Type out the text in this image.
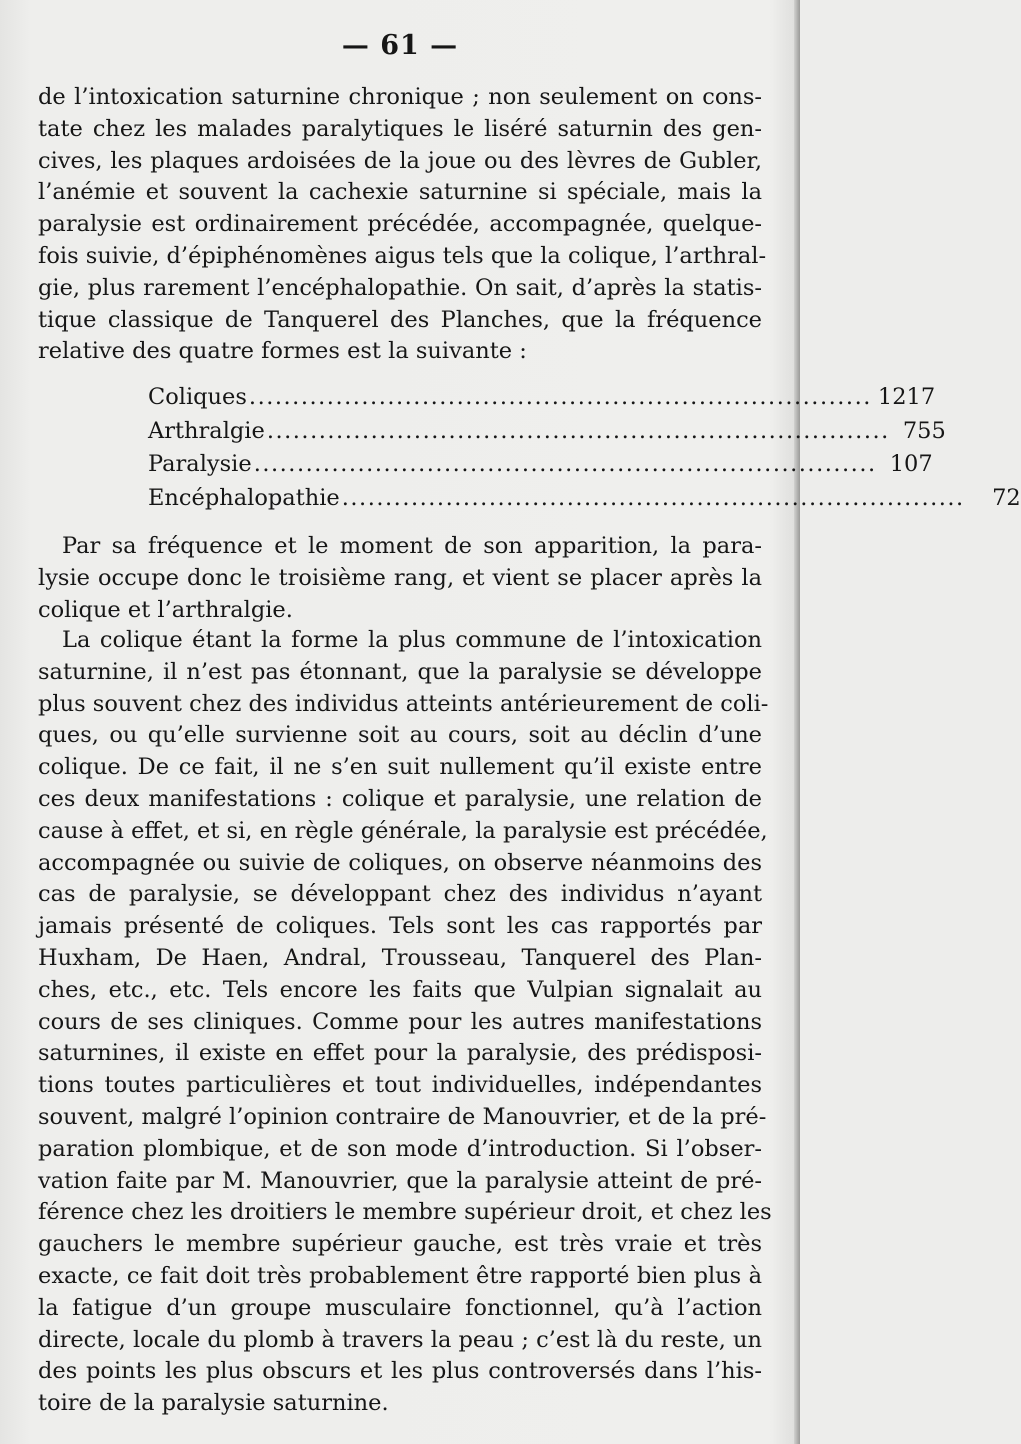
— 61 —
de l’intoxication saturnine chronique ; non seulement on cons-
tate chez les malades paralytiques le liséré saturnin des gen-
cives, les plaques ardoisées de la joue ou des lèvres de Gubler,
l’anémie et souvent la cachexie saturnine si spéciale, mais la
paralysie est ordinairement précédée, accompagnée, quelque-
fois suivie, d’épiphénomènes aigus tels que la colique, l’arthral-
gie, plus rarement l’encéphalopathie. On sait, d’après la statis-
tique classique de Tanquerel des Planches, que la fréquence
relative des quatre formes est la suivante :
Coliques ........................................................................ 1217
Arthralgie ........................................................................ 755
Paralysie ........................................................................ 107
Encéphalopathie ........................................................................	72
Par sa fréquence et le moment de son apparition, la para-
lysie occupe donc le troisième rang, et vient se placer après la
colique et l’arthralgie.
La colique étant la forme la plus commune de l’intoxication
saturnine, il n’est pas étonnant, que la paralysie se développe
plus souvent chez des individus atteints antérieurement de coli-
ques, ou qu’elle survienne soit au cours, soit au déclin d’une
colique. De ce fait, il ne s’en suit nullement qu’il existe entre
ces deux manifestations : colique et paralysie, une relation de
cause à effet, et si, en règle générale, la paralysie est précédée,
accompagnée ou suivie de coliques, on observe néanmoins des
cas de paralysie, se développant chez des individus n’ayant
jamais présenté de coliques. Tels sont les cas rapportés par
Huxham, De Haen, Andral, Trousseau, Tanquerel des Plan-
ches, etc., etc. Tels encore les faits que Vulpian signalait au
cours de ses cliniques. Comme pour les autres manifestations
saturnines, il existe en effet pour la paralysie, des prédisposi-
tions toutes particulières et tout individuelles, indépendantes
souvent, malgré l’opinion contraire de Manouvrier, et de la pré-
paration plombique, et de son mode d’introduction. Si l’obser-
vation faite par M. Manouvrier, que la paralysie atteint de pré-
férence chez les droitiers le membre supérieur droit, et chez les
gauchers le membre supérieur gauche, est très vraie et très
exacte, ce fait doit très probablement être rapporté bien plus à
la fatigue d’un groupe musculaire fonctionnel, qu’à l’action
directe, locale du plomb à travers la peau ; c’est là du reste, un
des points les plus obscurs et les plus controversés dans l’his-
toire de la paralysie saturnine.
